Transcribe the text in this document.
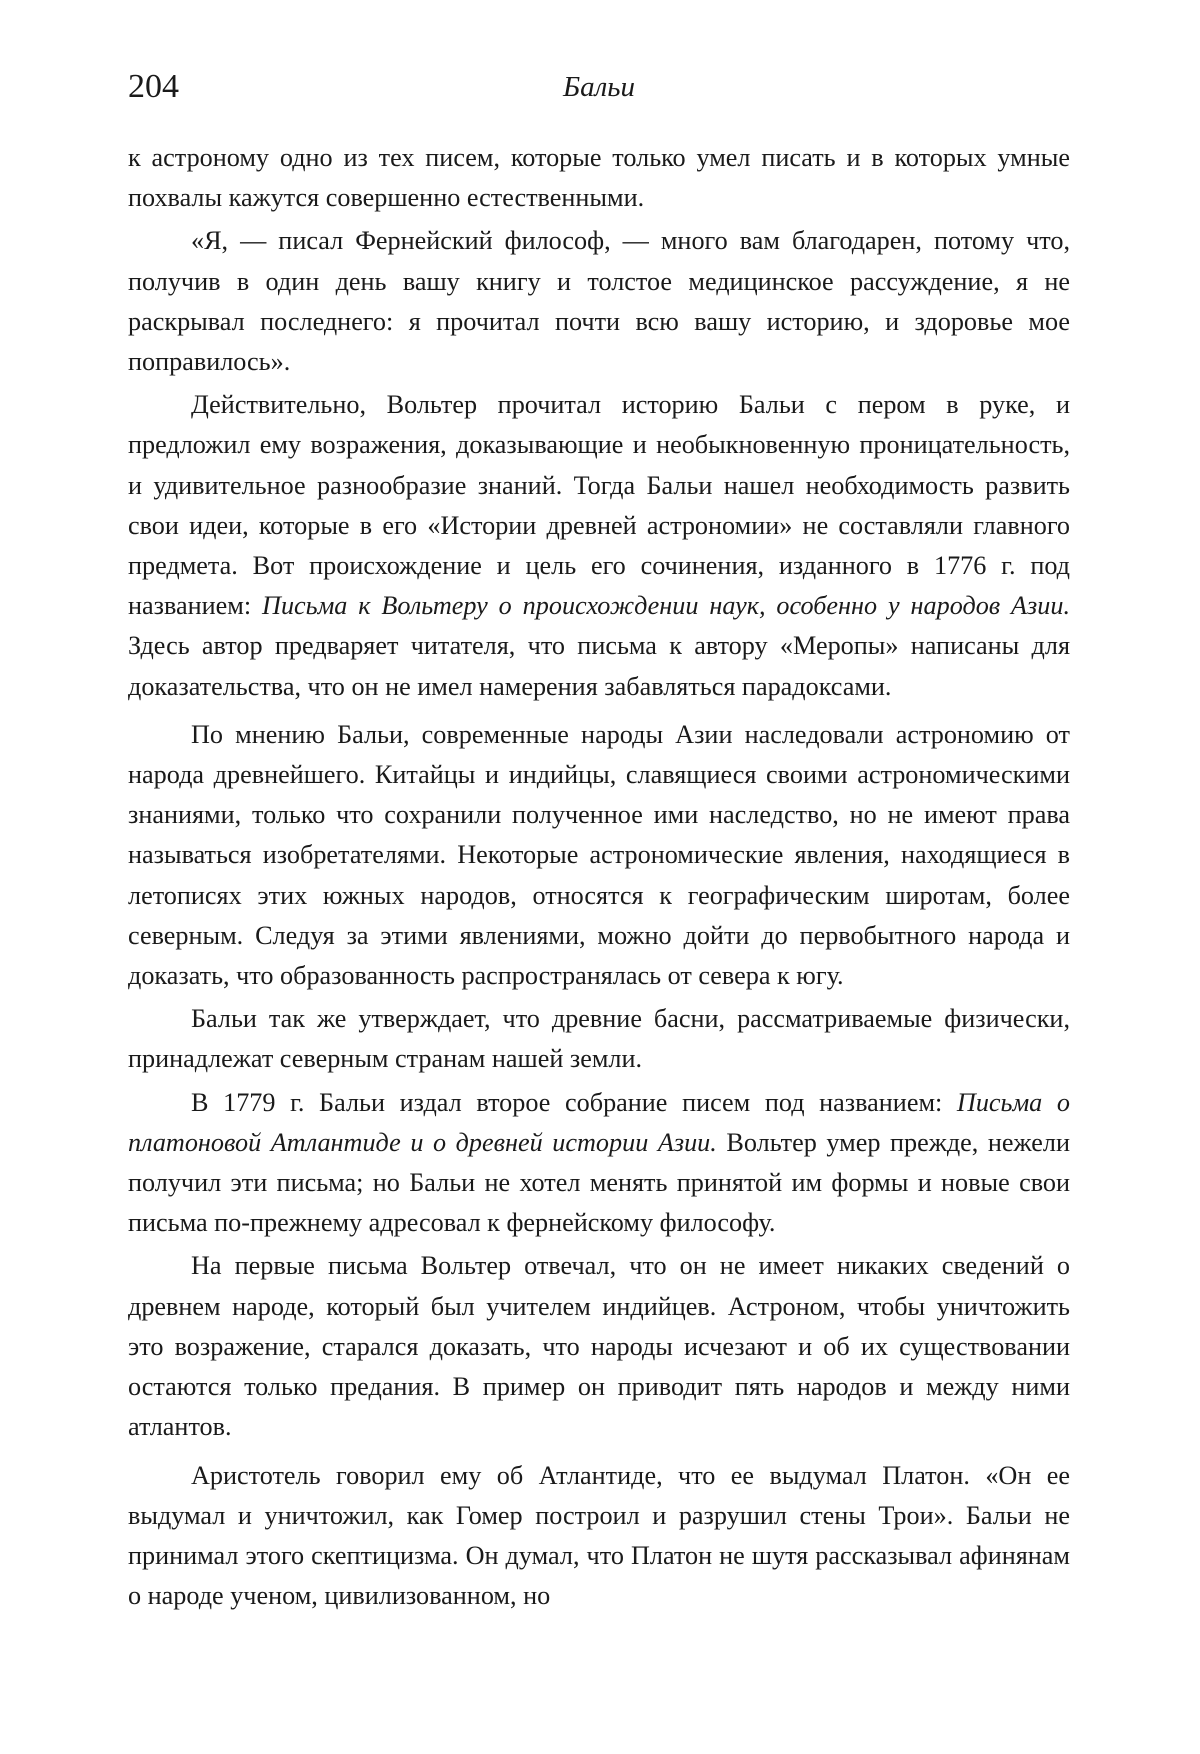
204	Бальи

к астроному одно из тех писем, которые только умел писать и в которых умные похвалы кажутся совершенно естественными.

«Я, — писал Фернейский философ, — много вам благодарен, потому что, получив в один день вашу книгу и толстое медицинское рассуждение, я не раскрывал последнего: я прочитал почти всю вашу историю, и здоровье мое поправилось».

Действительно, Вольтер прочитал историю Бальи с пером в руке, и предложил ему возражения, доказывающие и необыкновенную проницательность, и удивительное разнообразие знаний. Тогда Бальи нашел необходимость развить свои идеи, которые в его «Истории древней астрономии» не составляли главного предмета. Вот происхождение и цель его сочинения, изданного в 1776 г. под названием: Письма к Вольтеру о происхождении наук, особенно у народов Азии. Здесь автор предваряет читателя, что письма к автору «Меропы» написаны для доказательства, что он не имел намерения забавляться парадоксами.

По мнению Бальи, современные народы Азии наследовали астрономию от народа древнейшего. Китайцы и индийцы, славящиеся своими астрономическими знаниями, только что сохранили полученное ими наследство, но не имеют права называться изобретателями. Некоторые астрономические явления, находящиеся в летописях этих южных народов, относятся к географическим широтам, более северным. Следуя за этими явлениями, можно дойти до первобытного народа и доказать, что образованность распространялась от севера к югу.

Бальи так же утверждает, что древние басни, рассматриваемые физически, принадлежат северным странам нашей земли.

В 1779 г. Бальи издал второе собрание писем под названием: Письма о платоновой Атлантиде и о древней истории Азии. Вольтер умер прежде, нежели получил эти письма; но Бальи не хотел менять принятой им формы и новые свои письма по-прежнему адресовал к фернейскому философу.

На первые письма Вольтер отвечал, что он не имеет никаких сведений о древнем народе, который был учителем индийцев. Астроном, чтобы уничтожить это возражение, старался доказать, что народы исчезают и об их существовании остаются только предания. В пример он приводит пять народов и между ними атлантов.

Аристотель говорил ему об Атлантиде, что ее выдумал Платон. «Он ее выдумал и уничтожил, как Гомер построил и разрушил стены Трои». Бальи не принимал этого скептицизма. Он думал, что Платон не шутя рассказывал афинянам о народе ученом, цивилизованном, но
